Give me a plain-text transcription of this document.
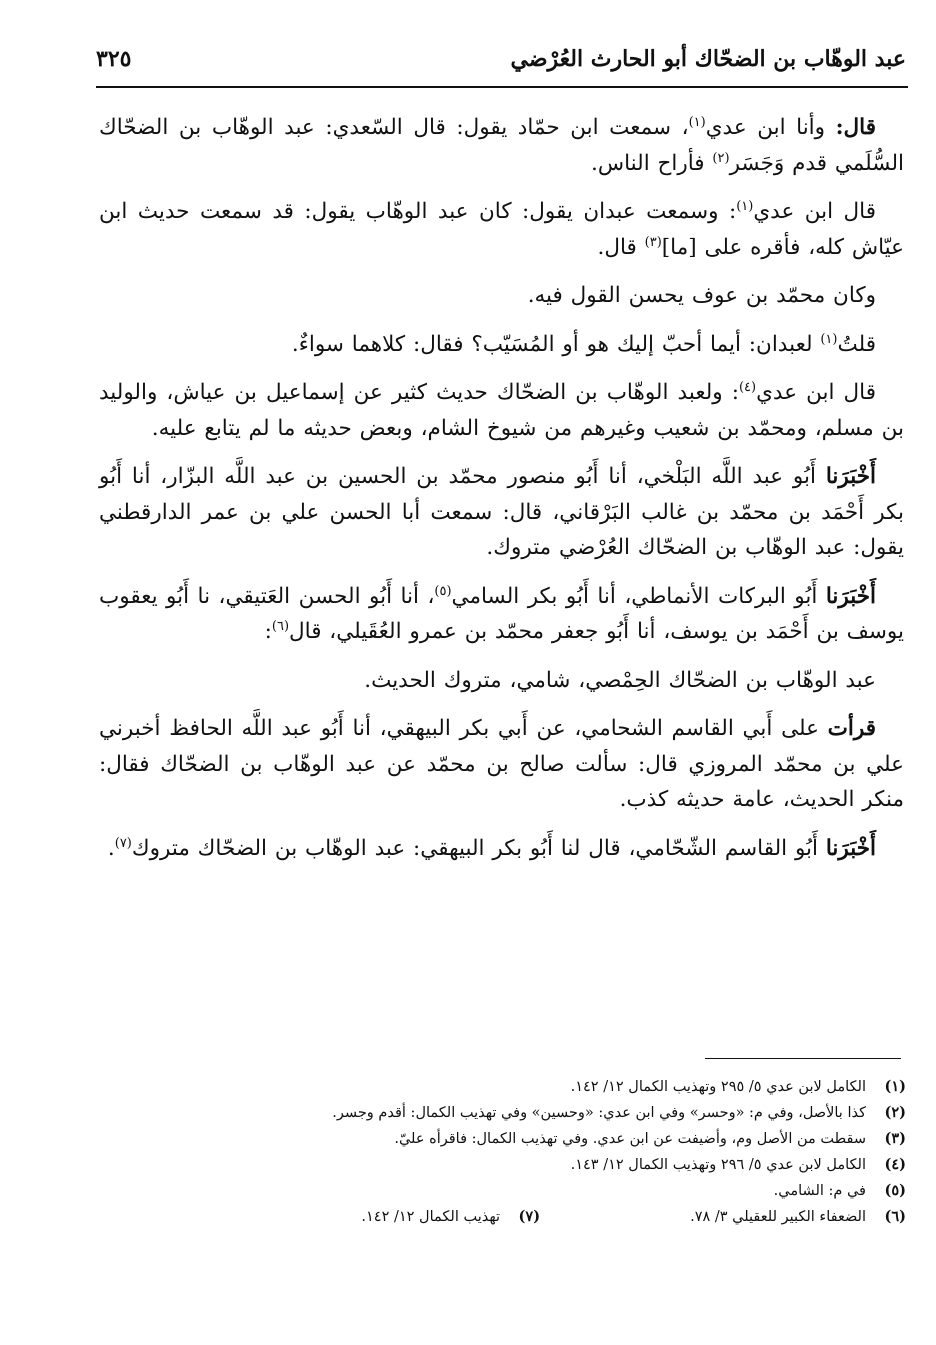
عبد الوهّاب بن الضحّاك أبو الحارث العُرْضي
٣٢٥

قال: وأنا ابن عدي$^{(١)}$، سمعت ابن حمّاد يقول: قال السّعدي: عبد الوهّاب بن الضحّاك السُّلَمي قدم وَجَسَر$^{(٢)}$ فأراح الناس.

قال ابن عدي$^{(١)}$: وسمعت عبدان يقول: كان عبد الوهّاب يقول: قد سمعت حديث ابن عيّاش كله، فأقره على [ما]$^{(٣)}$ قال.

وكان محمّد بن عوف يحسن القول فيه.

قلتُ$^{(١)}$ لعبدان: أيما أحبّ إليك هو أو المُسَيّب؟ فقال: كلاهما سواءٌ.

قال ابن عدي$^{(٤)}$: ولعبد الوهّاب بن الضحّاك حديث كثير عن إسماعيل بن عياش، والوليد بن مسلم، ومحمّد بن شعيب وغيرهم من شيوخ الشام، وبعض حديثه ما لم يتابع عليه.

أَخْبَرَنا أَبُو عبد اللَّه البَلْخي، أنا أَبُو منصور محمّد بن الحسين بن عبد اللَّه البزّار، أنا أَبُو بكر أَحْمَد بن محمّد بن غالب البَرْقاني، قال: سمعت أبا الحسن علي بن عمر الدارقطني يقول: عبد الوهّاب بن الضحّاك العُرْضي متروك.

أَخْبَرَنا أَبُو البركات الأنماطي، أنا أَبُو بكر السامي$^{(٥)}$، أنا أَبُو الحسن العَتيقي، نا أَبُو يعقوب يوسف بن أَحْمَد بن يوسف، أنا أَبُو جعفر محمّد بن عمرو العُقَيلي، قال$^{(٦)}$:

عبد الوهّاب بن الضحّاك الحِمْصي، شامي، متروك الحديث.

قرأت على أَبي القاسم الشحامي، عن أَبي بكر البيهقي، أنا أَبُو عبد اللَّه الحافظ أخبرني علي بن محمّد المروزي قال: سألت صالح بن محمّد عن عبد الوهّاب بن الضحّاك فقال: منكر الحديث، عامة حديثه كذب.

أَخْبَرَنا أَبُو القاسم الشّحّامي، قال لنا أَبُو بكر البيهقي: عبد الوهّاب بن الضحّاك متروك$^{(٧)}$.

(١)
الكامل لابن عدي ٥/ ٢٩٥ وتهذيب الكمال ١٢/ ١٤٢.
(٢)
كذا بالأصل، وفي م: «وحسر» وفي ابن عدي: «وحسين» وفي تهذيب الكمال: أقدم وجسر.
(٣)
سقطت من الأصل وم، وأضيفت عن ابن عدي. وفي تهذيب الكمال: فاقرأه عليّ.
(٤)
الكامل لابن عدي ٥/ ٢٩٦ وتهذيب الكمال ١٢/ ١٤٣.
(٥)
في م: الشامي.
(٦)
الضعفاء الكبير للعقيلي ٣/ ٧٨.
(٧)
تهذيب الكمال ١٢/ ١٤٢.
